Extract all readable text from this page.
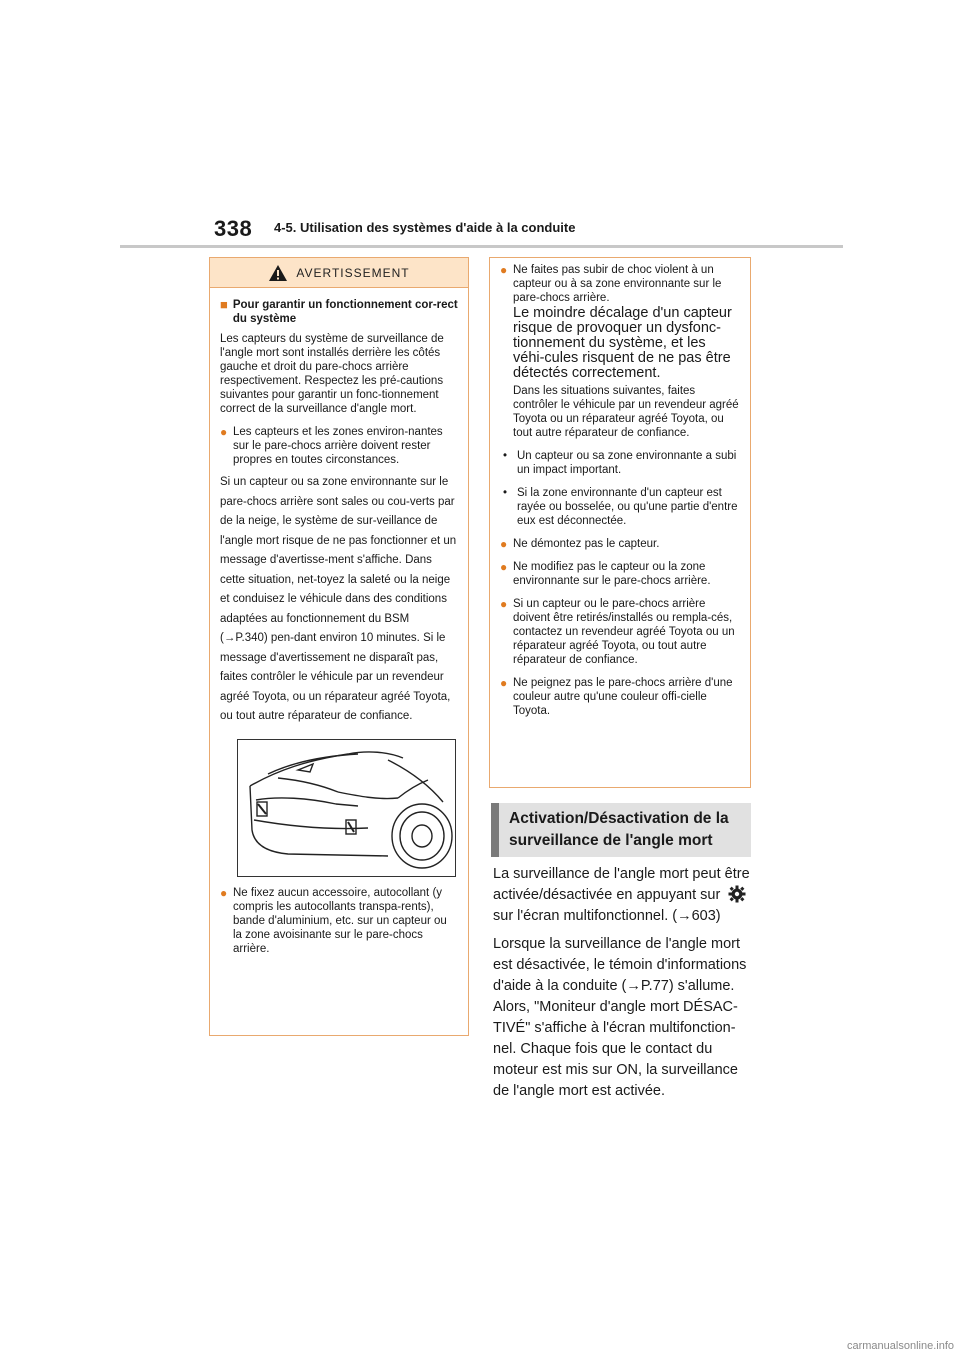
338 4-5. Utilisation des systèmes d'aide à la conduite
AVERTISSEMENT
■ Pour garantir un fonctionnement cor-rect du système

Les capteurs du système de surveillance de l'angle mort sont installés derrière les côtés gauche et droit du pare-chocs arrière respectivement. Respectez les pré-cautions suivantes pour garantir un fonc-tionnement correct de la surveillance d'angle mort.

● Les capteurs et les zones environ-nantes sur le pare-chocs arrière doivent rester propres en toutes circonstances.

Si un capteur ou sa zone environnante sur le pare-chocs arrière sont sales ou cou-verts par de la neige, le système de sur-veillance de l'angle mort risque de ne pas fonctionner et un message d'avertisse-ment s'affiche. Dans cette situation, net-toyez la saleté ou la neige et conduisez le véhicule dans des conditions adaptées au fonctionnement du BSM (→P.340) pen-dant environ 10 minutes. Si le message d'avertissement ne disparaît pas, faites contrôler le véhicule par un revendeur agréé Toyota, ou un réparateur agréé Toyota, ou tout autre réparateur de confiance.

● Ne fixez aucun accessoire, autocollant (y compris les autocollants transpa-rents), bande d'aluminium, etc. sur un capteur ou la zone avoisinante sur le pare-chocs arrière.
● Ne faites pas subir de choc violent à un capteur ou à sa zone environnante sur le pare-chocs arrière.

Le moindre décalage d'un capteur risque de provoquer un dysfonc-tionnement du système, et les véhi-cules risquent de ne pas être détectés correctement.

Dans les situations suivantes, faites contrôler le véhicule par un revendeur agréé Toyota ou un réparateur agréé Toyota, ou tout autre réparateur de confiance.

• Un capteur ou sa zone environnante a subi un impact important.
• Si la zone environnante d'un capteur est rayée ou bosselée, ou qu'une partie d'entre eux est déconnectée.
● Ne démontez pas le capteur.
● Ne modifiez pas le capteur ou la zone environnante sur le pare-chocs arrière.
● Si un capteur ou le pare-chocs arrière doivent être retirés/installés ou rempla-cés, contactez un revendeur agréé Toyota ou un réparateur agréé Toyota, ou tout autre réparateur de confiance.
● Ne peignez pas le pare-chocs arrière d'une couleur autre qu'une couleur offi-cielle Toyota.
Activation/Désactivation de la surveillance de l'angle mort

La surveillance de l'angle mort peut être activée/désactivée en appuyant sur  sur l'écran multifonctionnel. (→603)

Lorsque la surveillance de l'angle mort est désactivée, le témoin d'informations d'aide à la conduite (→P.77) s'allume. Alors, "Moniteur d'angle mort DÉSAC-TIVÉ" s'affiche à l'écran multifonction-nel. Chaque fois que le contact du moteur est mis sur ON, la surveillance de l'angle mort est activée.

carmanualsonline.info
